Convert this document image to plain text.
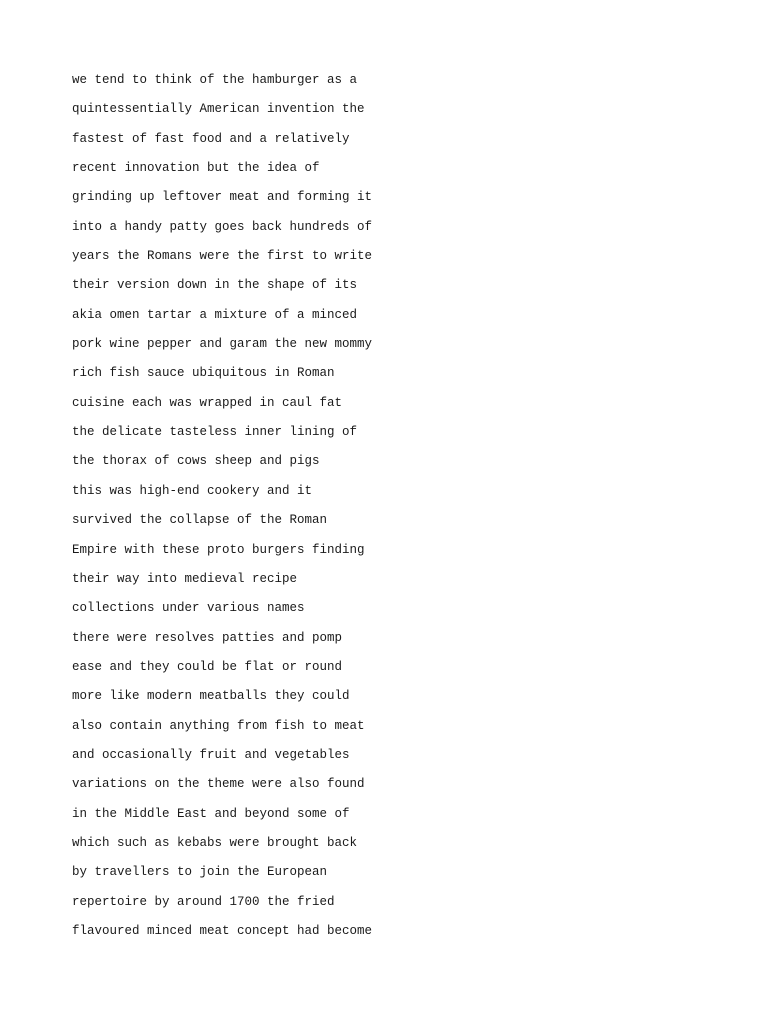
we tend to think of the hamburger as a
quintessentially American invention the
fastest of fast food and a relatively
recent innovation but the idea of
grinding up leftover meat and forming it
into a handy patty goes back hundreds of
years the Romans were the first to write
their version down in the shape of its
akia omen tartar a mixture of a minced
pork wine pepper and garam the new mommy
rich fish sauce ubiquitous in Roman
cuisine each was wrapped in caul fat
the delicate tasteless inner lining of
the thorax of cows sheep and pigs
this was high-end cookery and it
survived the collapse of the Roman
Empire with these proto burgers finding
their way into medieval recipe
collections under various names
there were resolves patties and pomp
ease and they could be flat or round
more like modern meatballs they could
also contain anything from fish to meat
and occasionally fruit and vegetables
variations on the theme were also found
in the Middle East and beyond some of
which such as kebabs were brought back
by travellers to join the European
repertoire by around 1700 the fried
flavoured minced meat concept had become
